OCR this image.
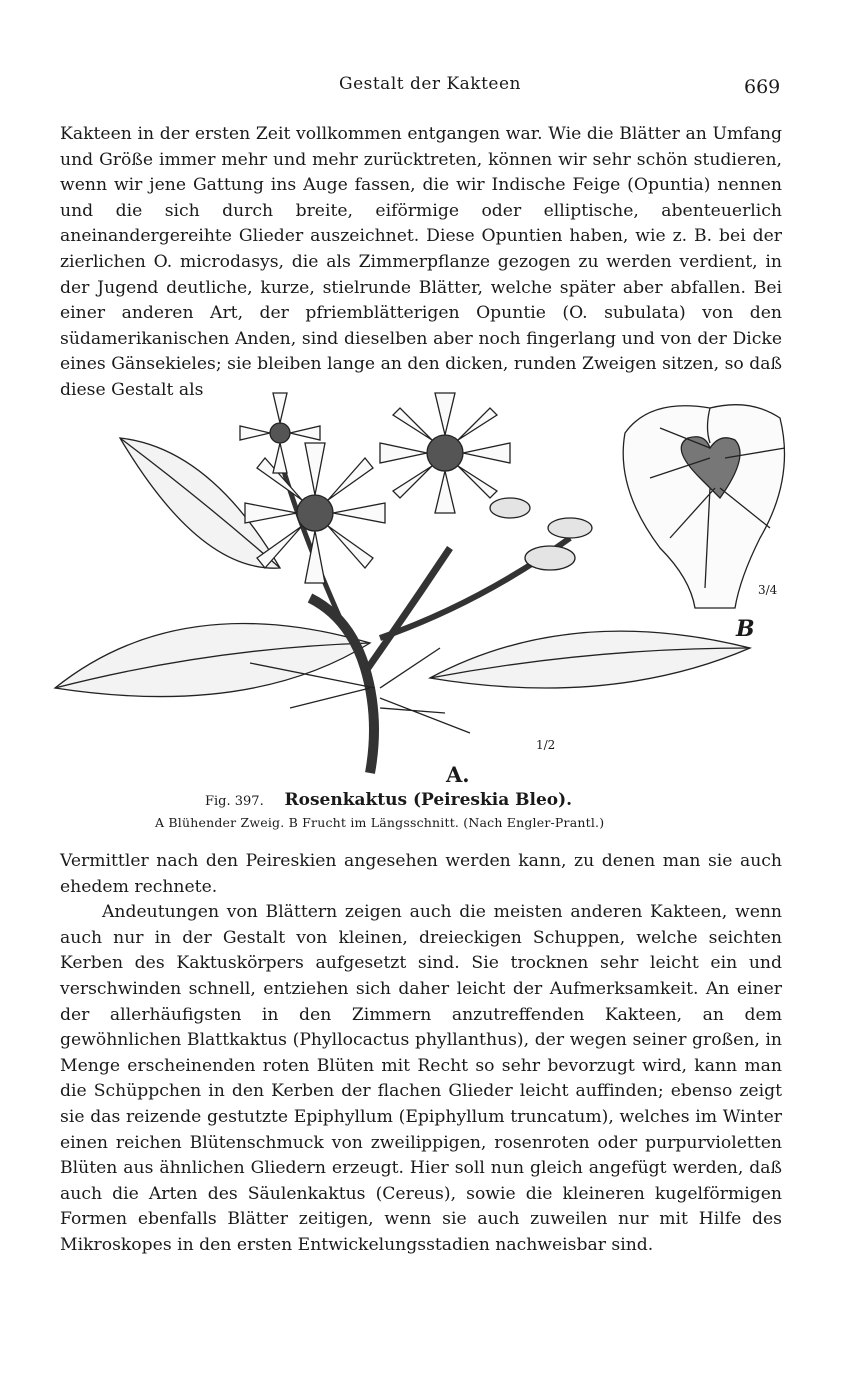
Gestalt der Kakteen	669

Kakteen in der ersten Zeit vollkommen entgangen war. Wie die Blätter an Umfang und Größe immer mehr und mehr zurücktreten, können wir sehr schön studieren, wenn wir jene Gattung ins Auge fassen, die wir Indische Feige (Opuntia) nennen und die sich durch breite, eiförmige oder elliptische, abenteuerlich aneinandergereihte Glieder auszeichnet. Diese Opuntien haben, wie z. B. bei der zierlichen O. microdasys, die als Zimmerpflanze gezogen zu werden verdient, in der Jugend deutliche, kurze, stielrunde Blätter, welche später aber abfallen. Bei einer anderen Art, der pfriemblätterigen Opuntie (O. subulata) von den südamerikanischen Anden, sind dieselben aber noch fingerlang und von der Dicke eines Gänsekieles; sie bleiben lange an den dicken, runden Zweigen sitzen, so daß diese Gestalt als

A.
B
1/2
3/4
Fig. 397. Rosenkaktus (Peireskia Bleo).
A Blühender Zweig. B Frucht im Längsschnitt. (Nach Engler-Prantl.)

Vermittler nach den Peireskien angesehen werden kann, zu denen man sie auch ehedem rechnete.

Andeutungen von Blättern zeigen auch die meisten anderen Kakteen, wenn auch nur in der Gestalt von kleinen, dreieckigen Schuppen, welche seichten Kerben des Kaktuskörpers aufgesetzt sind. Sie trocknen sehr leicht ein und verschwinden schnell, entziehen sich daher leicht der Aufmerksamkeit. An einer der allerhäufigsten in den Zimmern anzutreffenden Kakteen, an dem gewöhnlichen Blattkaktus (Phyllocactus phyllanthus), der wegen seiner großen, in Menge erscheinenden roten Blüten mit Recht so sehr bevorzugt wird, kann man die Schüppchen in den Kerben der flachen Glieder leicht auffinden; ebenso zeigt sie das reizende gestutzte Epiphyllum (Epiphyllum truncatum), welches im Winter einen reichen Blütenschmuck von zweilippigen, rosenroten oder purpurvioletten Blüten aus ähnlichen Gliedern erzeugt. Hier soll nun gleich angefügt werden, daß auch die Arten des Säulenkaktus (Cereus), sowie die kleineren kugelförmigen Formen ebenfalls Blätter zeitigen, wenn sie auch zuweilen nur mit Hilfe des Mikroskopes in den ersten Entwickelungsstadien nachweisbar sind.
